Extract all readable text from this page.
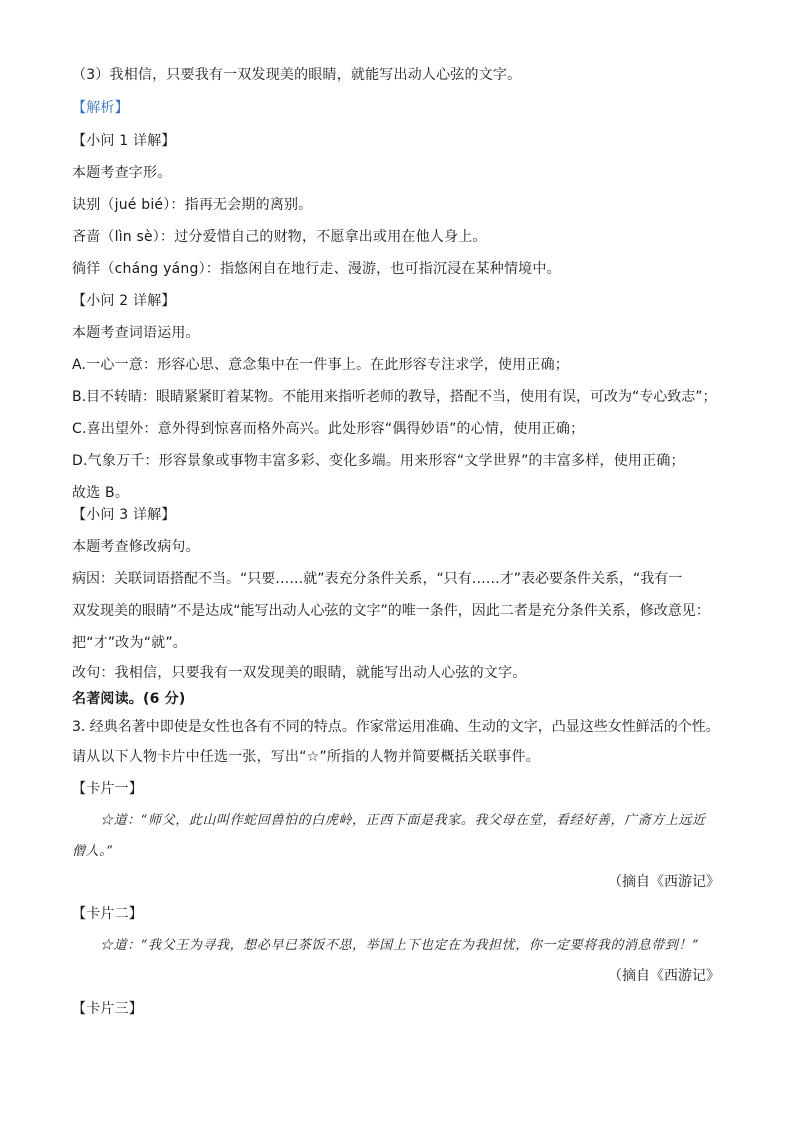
（3）我相信，只要我有一双发现美的眼睛，就能写出动人心弦的文字。
【解析】
【小问 1 详解】
本题考查字形。
诀别（jué bié）：指再无会期的离别。
吝啬（lìn sè）：过分爱惜自己的财物，不愿拿出或用在他人身上。
徜徉（cháng yáng）：指悠闲自在地行走、漫游，也可指沉浸在某种情境中。
【小问 2 详解】
本题考查词语运用。
A.一心一意：形容心思、意念集中在一件事上。在此形容专注求学，使用正确；
B.目不转睛：眼睛紧紧盯着某物。不能用来指听老师的教导，搭配不当，使用有误，可改为“专心致志”；
C.喜出望外：意外得到惊喜而格外高兴。此处形容“偶得妙语”的心情，使用正确；
D.气象万千：形容景象或事物丰富多彩、变化多端。用来形容“文学世界”的丰富多样，使用正确；
故选 B。
【小问 3 详解】
本题考查修改病句。
病因：关联词语搭配不当。“只要……就”表充分条件关系，“只有……才”表必要条件关系，“我有一
双发现美的眼睛”不是达成“能写出动人心弦的文字”的唯一条件，因此二者是充分条件关系，修改意见：
把“才”改为“就”。
改句：我相信，只要我有一双发现美的眼睛，就能写出动人心弦的文字。
名著阅读。(6 分)
3. 经典名著中即使是女性也各有不同的特点。作家常运用准确、生动的文字，凸显这些女性鲜活的个性。
请从以下人物卡片中任选一张，写出“☆”所指的人物并简要概括关联事件。
【卡片一】
☆道：“师父，此山叫作蛇回兽怕的白虎岭，正西下面是我家。我父母在堂，看经好善，广斋方上远近
僧人。”
（摘自《西游记》
【卡片二】
☆道：“我父王为寻我，想必早已茶饭不思，举国上下也定在为我担忧，你一定要将我的消息带到！”
（摘自《西游记》
【卡片三】
